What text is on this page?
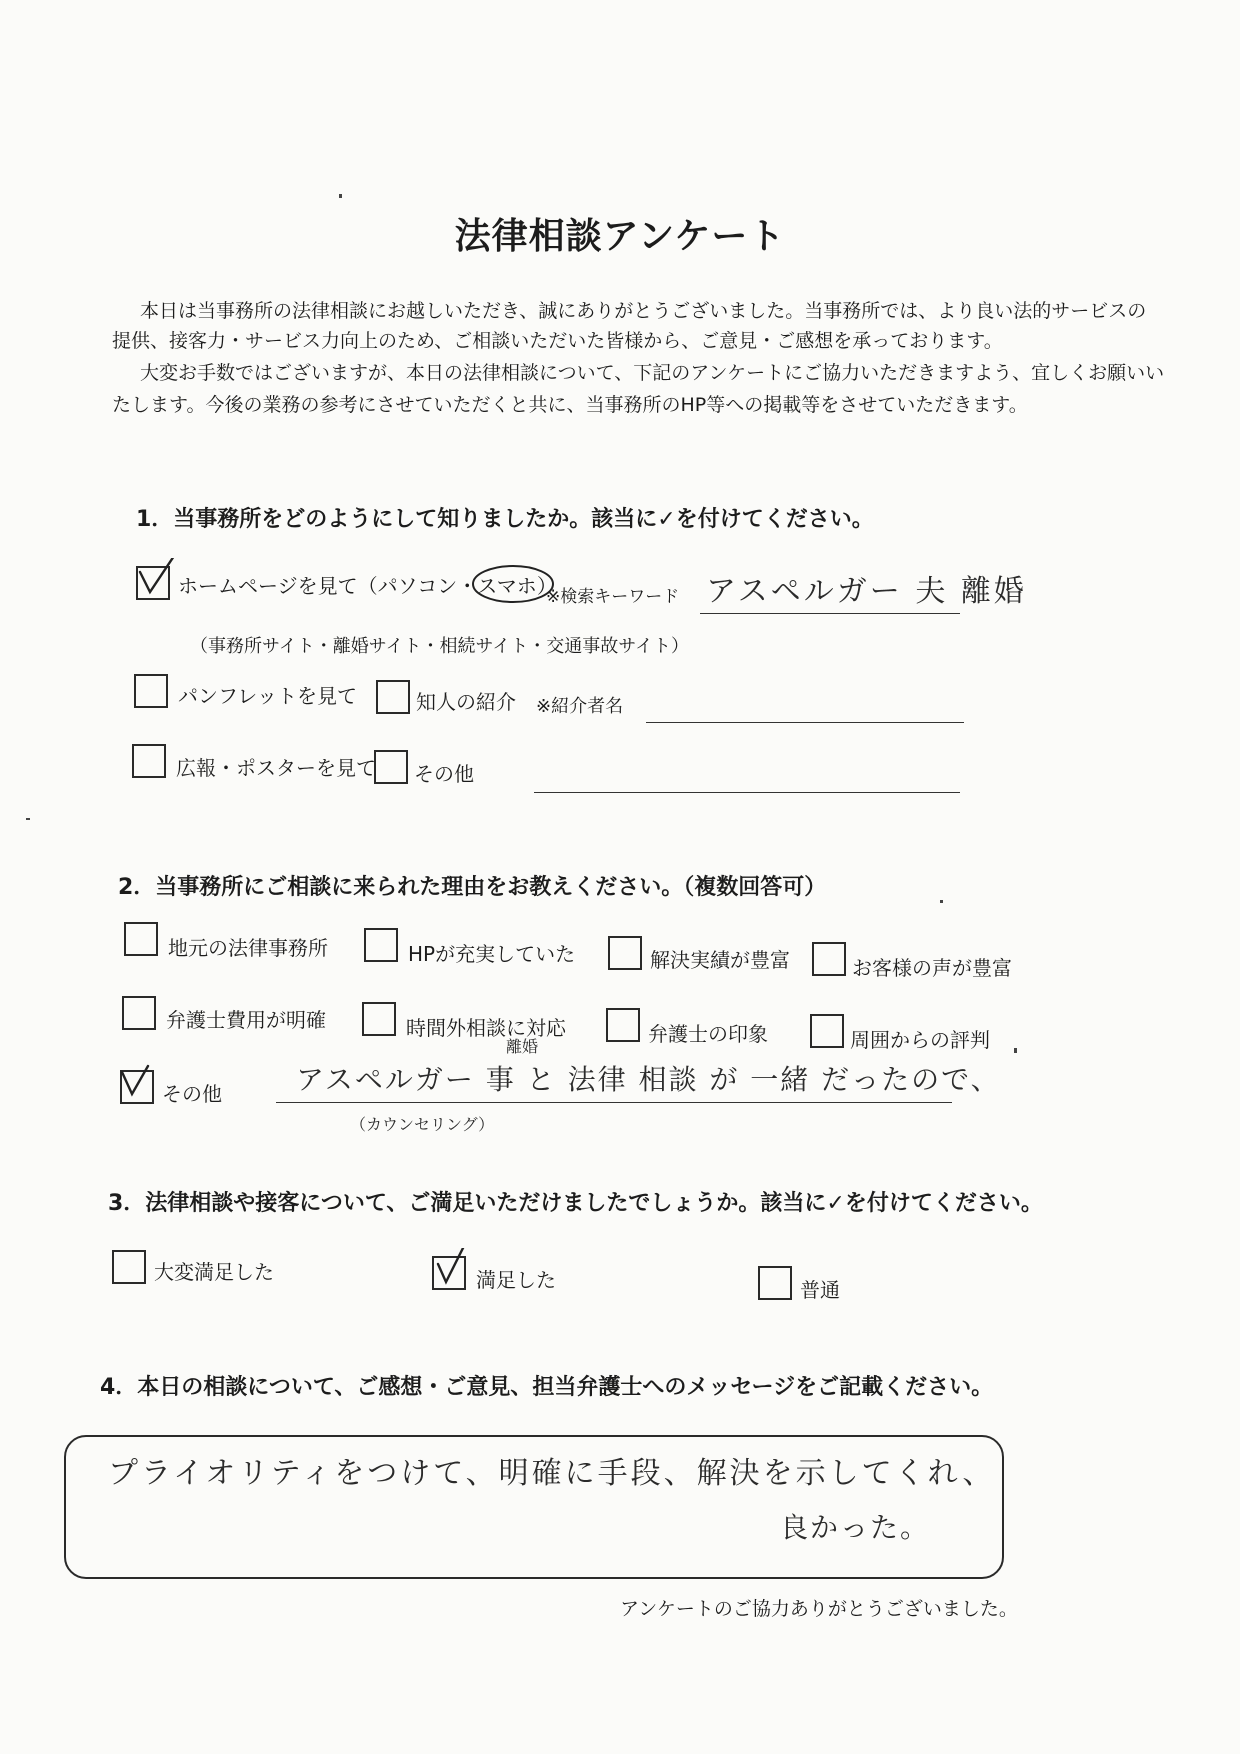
法律相談アンケート
本日は当事務所の法律相談にお越しいただき、誠にありがとうございました。当事務所では、より良い法的サービスの
提供、接客力・サービス力向上のため、ご相談いただいた皆様から、ご意見・ご感想を承っております。
大変お手数ではございますが、本日の法律相談について、下記のアンケートにご協力いただきますよう、宜しくお願いい
たします。今後の業務の参考にさせていただくと共に、当事務所のHP等への掲載等をさせていただきます。
1．当事務所をどのようにして知りましたか。該当に✓を付けてください。
ホームページを見て（パソコン・スマホ
）
※検索キーワード アスペルガー 夫 離婚
（事務所サイト・離婚サイト・相続サイト・交通事故サイト）
パンフレットを見て	知人の紹介 ※紹介者名
広報・ポスターを見て その他
2．当事務所にご相談に来られた理由をお教えください。（複数回答可）
地元の法律事務所	HPが充実していた	解決実績が豊富	お客様の声が豊富
弁護士費用が明確	時間外相談に対応	弁護士の印象	周囲からの評判
その他
離婚
アスペルガー 事 と 法律 相談 が 一緒 だったので、
（カウンセリング）
3．法律相談や接客について、ご満足いただけましたでしょうか。該当に✓を付けてください。
大変満足した	満足した	普通
4．本日の相談について、ご感想・ご意見、担当弁護士へのメッセージをご記載ください。
プライオリティをつけて、明確に手段、解決を示してくれ、
良かった。
アンケートのご協力ありがとうございました。
